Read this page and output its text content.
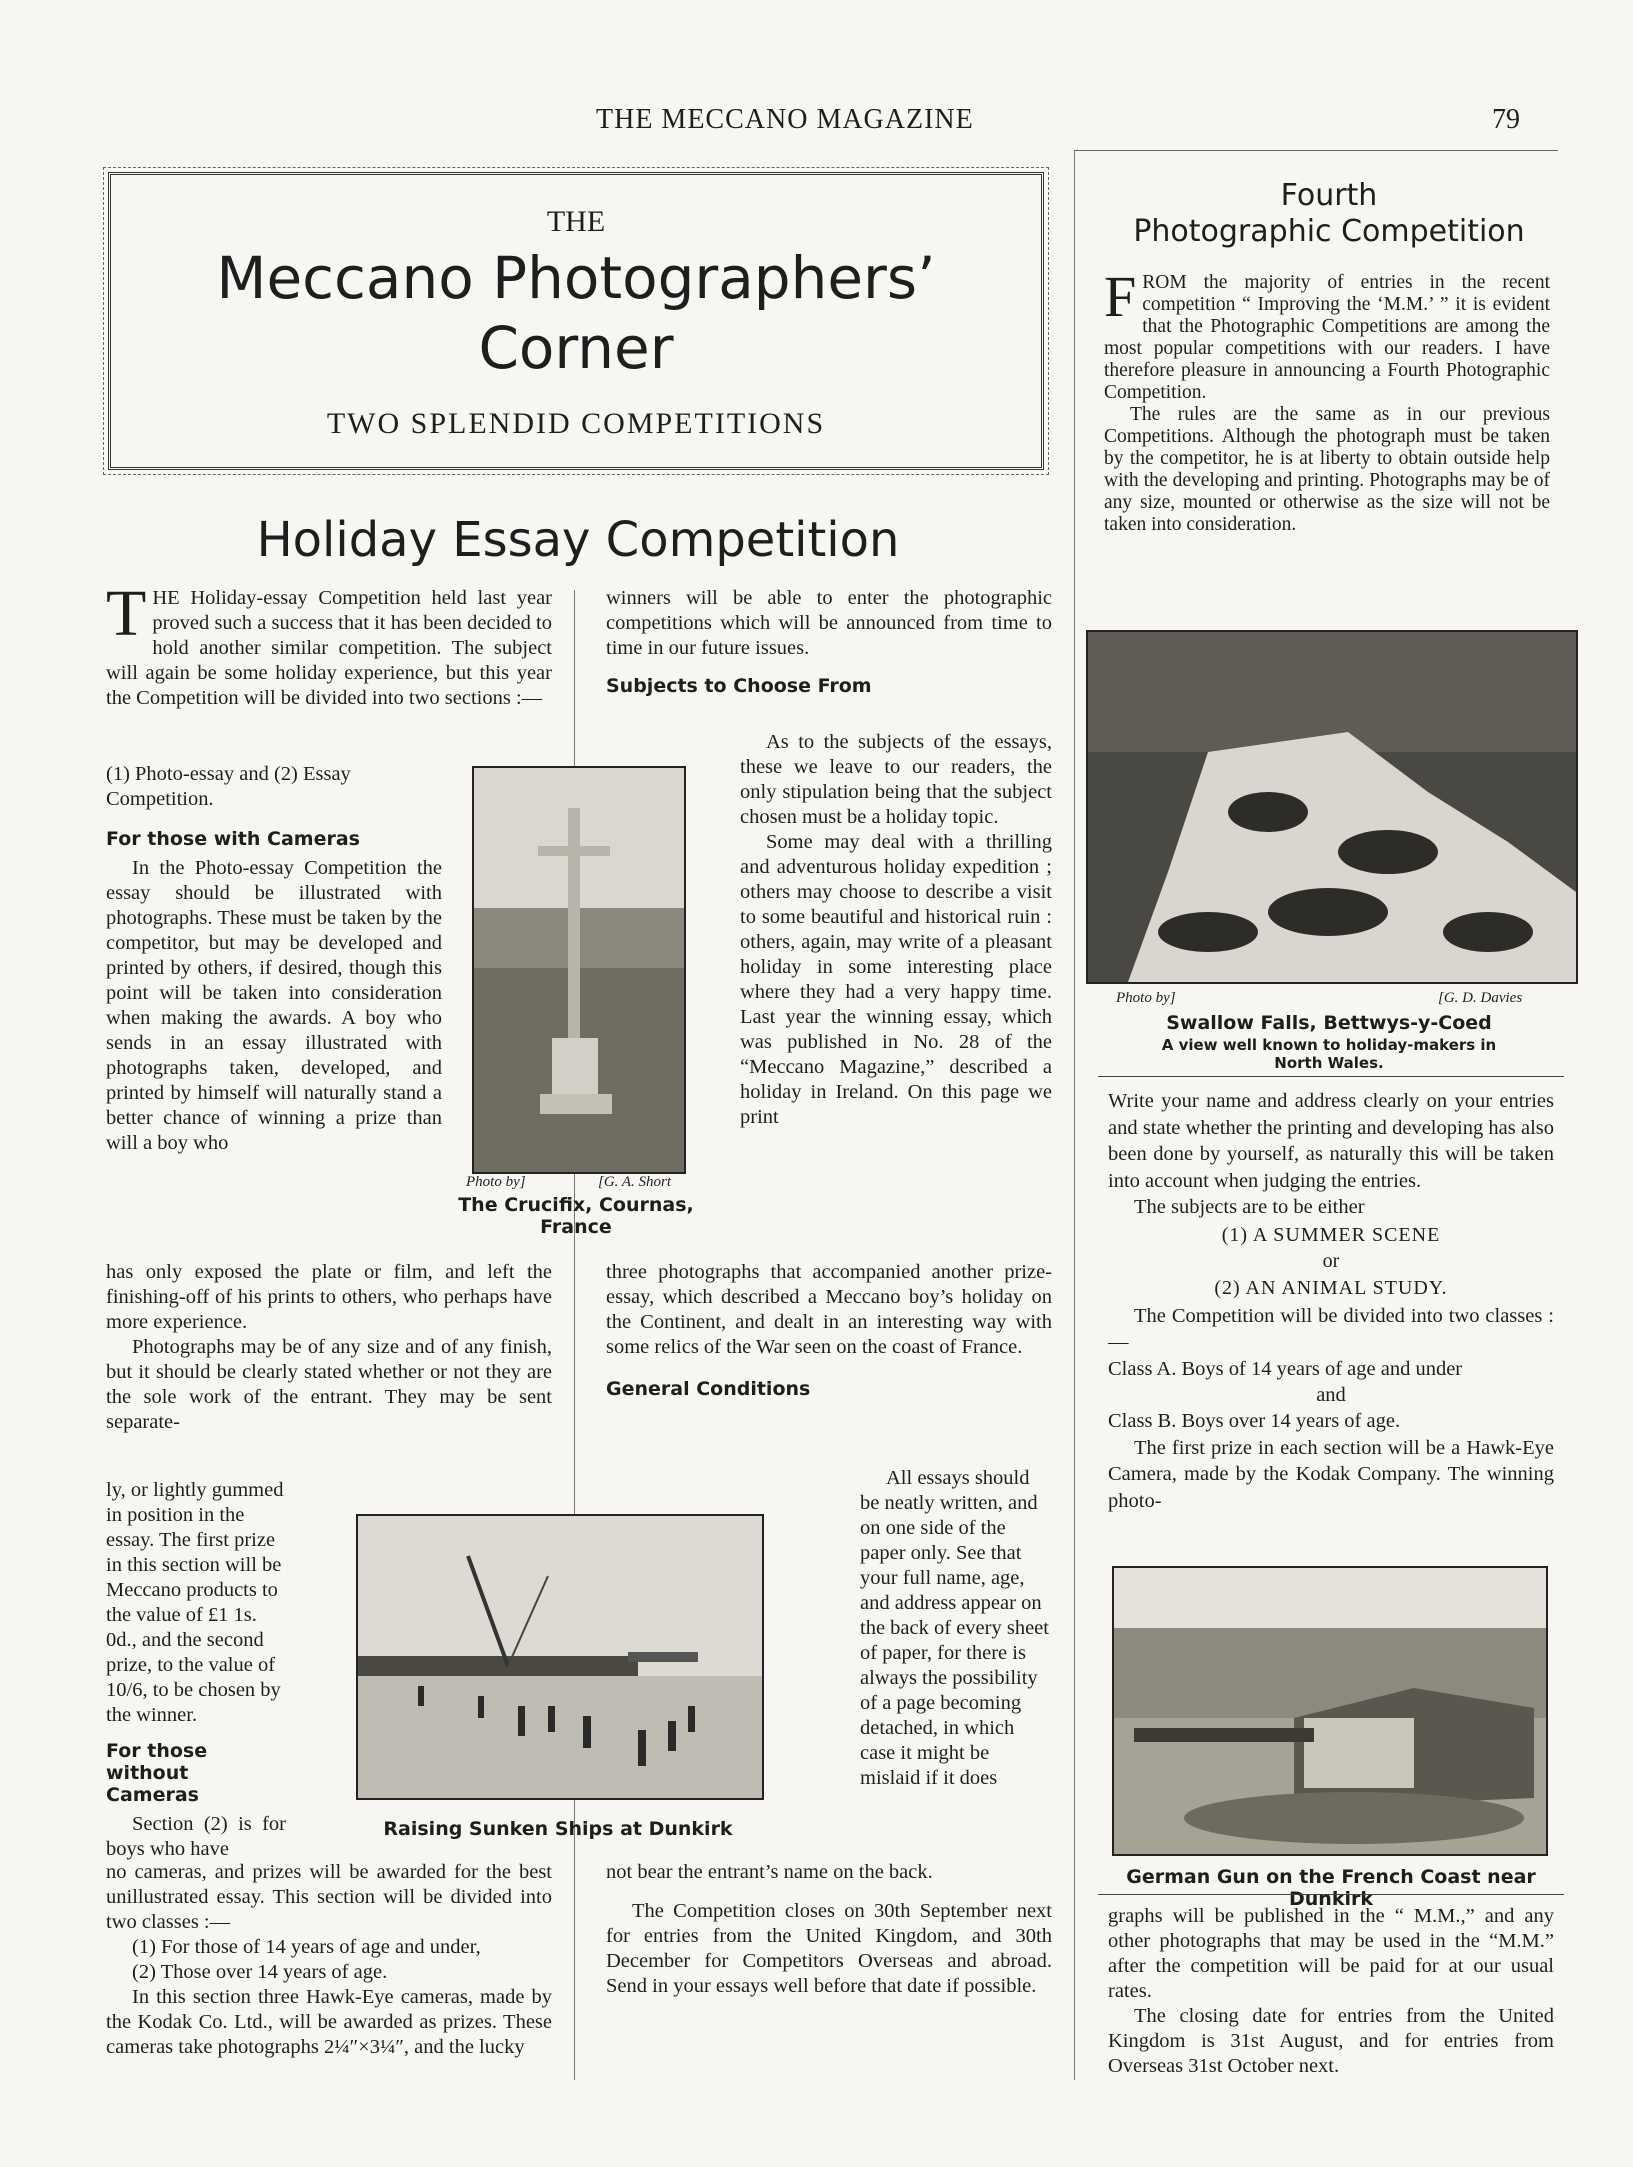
THE MECCANO MAGAZINE	79
THE
Meccano Photographers’
Corner
TWO SPLENDID COMPETITIONS
Holiday Essay Competition

THE Holiday-essay Competition held last year proved such a success that it has been decided to hold another similar competition. The subject will again be some holiday experience, but this year the Competition will be divided into two sections :—

(1) Photo-essay and (2) Essay Competition.

For those with Cameras

In the Photo-essay Competition the essay should be illustrated with photographs. These must be taken by the competitor, but may be developed and printed by others, if desired, though this point will be taken into consideration when making the awards. A boy who sends in an essay illustrated with photographs taken, developed, and printed by himself will naturally stand a better chance of winning a prize than will a boy who

has only exposed the plate or film, and left the finishing-off of his prints to others, who perhaps have more experience.

Photographs may be of any size and of any finish, but it should be clearly stated whether or not they are the sole work of the entrant. They may be sent separate-

ly, or lightly gummed in position in the essay. The first prize in this section will be Meccano products to the value of £1 1s. 0d., and the second prize, to the value of 10/6, to be chosen by the winner.

For those without Cameras

Section (2) is for boys who have

no cameras, and prizes will be awarded for the best unillustrated essay. This section will be divided into two classes :—

(1) For those of 14 years of age and under,

(2) Those over 14 years of age.

In this section three Hawk-Eye cameras, made by the Kodak Co. Ltd., will be awarded as prizes. These cameras take photographs 2¼″×3¼″, and the lucky

Photo by]	[G. A. Short
The Crucifix, Cournas, France
Raising Sunken Ships at Dunkirk

winners will be able to enter the photographic competitions which will be announced from time to time in our future issues.

Subjects to Choose From

As to the subjects of the essays, these we leave to our readers, the only stipulation being that the subject chosen must be a holiday topic.

Some may deal with a thrilling and adventurous holiday expedition ; others may choose to describe a visit to some beautiful and historical ruin : others, again, may write of a pleasant holiday in some interesting place where they had a very happy time. Last year the winning essay, which was published in No. 28 of the “Meccano Magazine,” described a holiday in Ireland. On this page we print

three photographs that accompanied another prize-essay, which described a Meccano boy’s holiday on the Continent, and dealt in an interesting way with some relics of the War seen on the coast of France.

General Conditions

All essays should be neatly written, and on one side of the paper only. See that your full name, age, and address appear on the back of every sheet of paper, for there is always the possibility of a page becoming detached, in which case it might be mislaid if it does

not bear the entrant’s name on the back.

The Competition closes on 30th September next for entries from the United Kingdom, and 30th December for Competitors Overseas and abroad. Send in your essays well before that date if possible.

Fourth
Photographic Competition

FROM the majority of entries in the recent competition “ Improving the ‘M.M.’ ” it is evident that the Photographic Competitions are among the most popular competitions with our readers. I have therefore pleasure in announcing a Fourth Photographic Competition.

The rules are the same as in our previous Competitions. Although the photograph must be taken by the competitor, he is at liberty to obtain outside help with the developing and printing. Photographs may be of any size, mounted or otherwise as the size will not be taken into consideration.

Photo by]	[G. D. Davies
Swallow Falls, Bettwys-y-Coed
A view well known to holiday-makers in North Wales.

Write your name and address clearly on your entries and state whether the printing and developing has also been done by yourself, as naturally this will be taken into account when judging the entries.

The subjects are to be either

(1) A SUMMER SCENE
or
(2) AN ANIMAL STUDY.

The Competition will be divided into two classes :—

Class A. Boys of 14 years of age and under

and

Class B. Boys over 14 years of age.

The first prize in each section will be a Hawk-Eye Camera, made by the Kodak Company. The winning photo-

German Gun on the French Coast near Dunkirk

graphs will be published in the “ M.M.,” and any other photographs that may be used in the “M.M.” after the competition will be paid for at our usual rates.

The closing date for entries from the United Kingdom is 31st August, and for entries from Overseas 31st October next.
